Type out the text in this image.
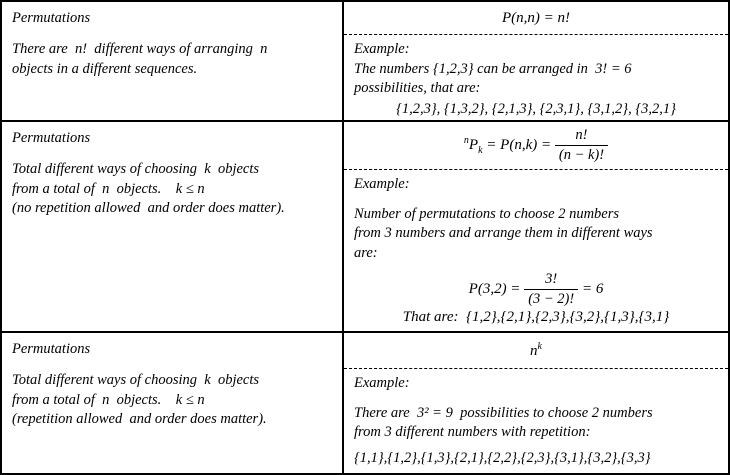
Permutations
There are  n!  different ways of arranging  n
objects in a different sequences.
P(n,n) = n!
Example:
The numbers {1,2,3} can be arranged in  3! = 6
possibilities, that are:
{1,2,3}, {1,3,2}, {2,1,3}, {2,3,1}, {3,1,2}, {3,2,1}
Permutations
Total different ways of choosing  k  objects
from a total of  n  objects.    k ≤ n
(no repetition allowed  and order does matter).
$^nP_k = P(n,k) = \frac{n!}{(n - k)!}$
Example:
Number of permutations to choose 2 numbers
from 3 numbers and arrange them in different ways
are:
$P(3,2) = \frac{3!}{(3 - 2)!} = 6$
That are:  {1,2},{2,1},{2,3},{3,2},{1,3},{3,1}
Permutations
Total different ways of choosing  k  objects
from a total of  n  objects.    k ≤ n
(repetition allowed  and order does matter).
$n^k$
Example:
There are  3² = 9  possibilities to choose 2 numbers
from 3 different numbers with repetition:
{1,1},{1,2},{1,3},{2,1},{2,2},{2,3},{3,1},{3,2},{3,3}
